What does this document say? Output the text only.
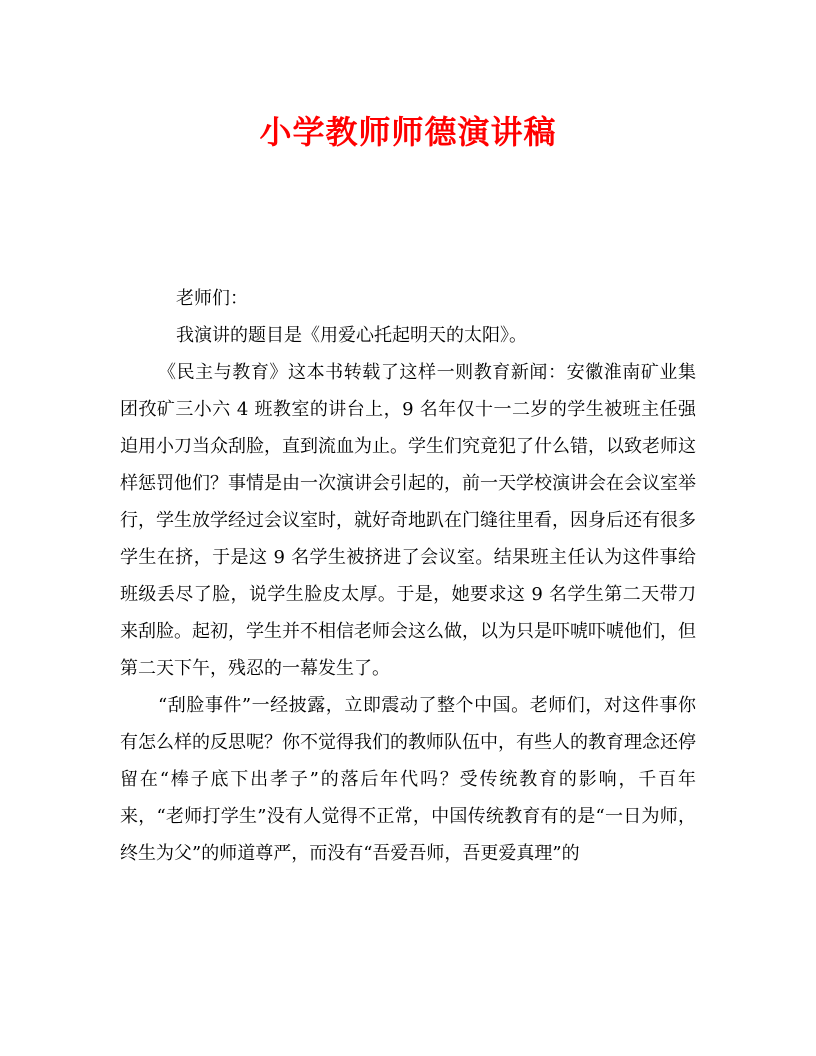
小学教师师德演讲稿

老师们：

我演讲的题目是《用爱心托起明天的太阳》。

《民主与教育》这本书转载了这样一则教育新闻：安徽淮南矿业集团孜矿三小六 4 班教室的讲台上，9 名年仅十一二岁的学生被班主任强迫用小刀当众刮脸，直到流血为止。学生们究竟犯了什么错，以致老师这样惩罚他们？事情是由一次演讲会引起的，前一天学校演讲会在会议室举行，学生放学经过会议室时，就好奇地趴在门缝往里看，因身后还有很多学生在挤，于是这 9 名学生被挤进了会议室。结果班主任认为这件事给班级丢尽了脸，说学生脸皮太厚。于是，她要求这 9 名学生第二天带刀来刮脸。起初，学生并不相信老师会这么做，以为只是吓唬吓唬他们，但第二天下午，残忍的一幕发生了。

“刮脸事件”一经披露，立即震动了整个中国。老师们，对这件事你有怎么样的反思呢？你不觉得我们的教师队伍中，有些人的教育理念还停留在“棒子底下出孝子”的落后年代吗？受传统教育的影响，千百年来，“老师打学生”没有人觉得不正常，中国传统教育有的是“一日为师，终生为父”的师道尊严，而没有“吾爱吾师，吾更爱真理”的
